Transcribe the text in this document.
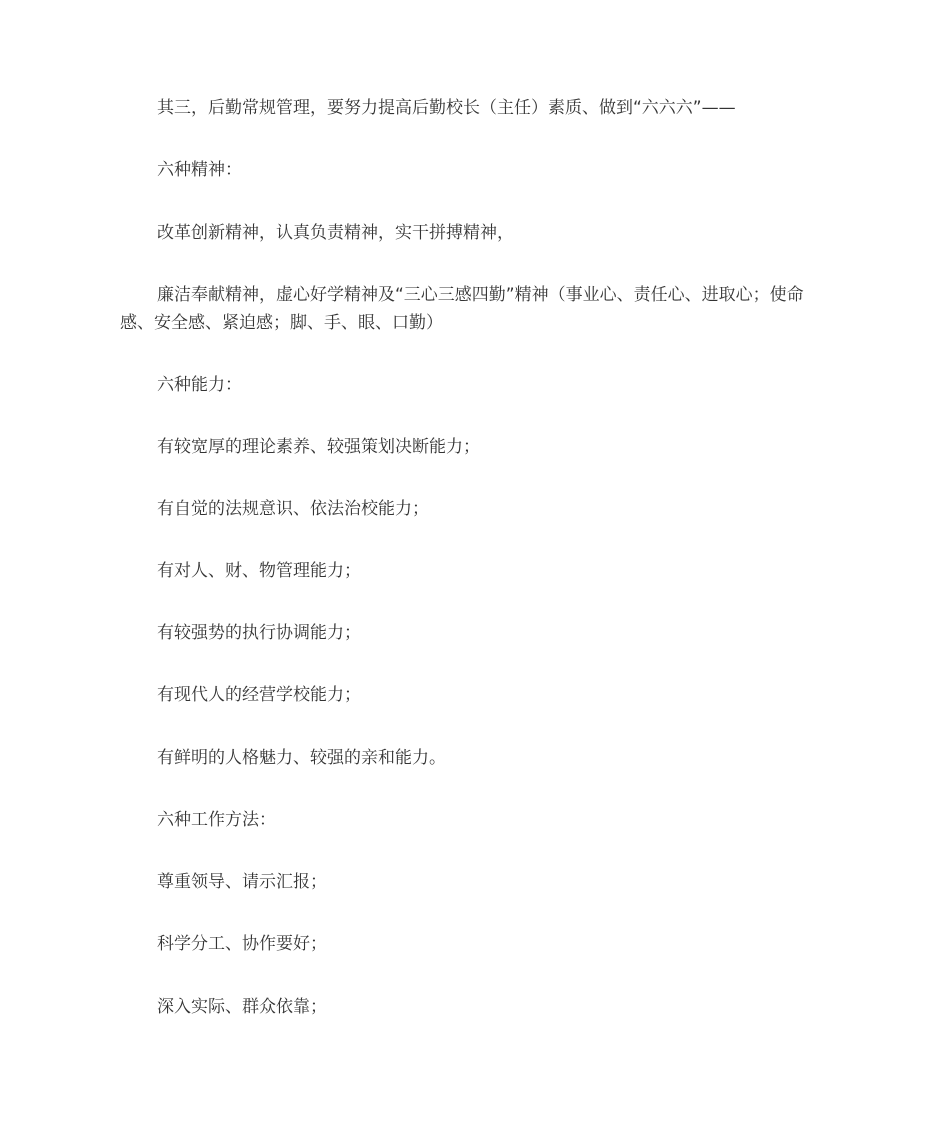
其三，后勤常规管理，要努力提高后勤校长（主任）素质、做到“六六六”——

六种精神：

改革创新精神，认真负责精神，实干拼搏精神，

廉洁奉献精神，虚心好学精神及“三心三感四勤”精神（事业心、责任心、进取心；使命感、安全感、紧迫感；脚、手、眼、口勤）

六种能力：

有较宽厚的理论素养、较强策划决断能力；

有自觉的法规意识、依法治校能力；

有对人、财、物管理能力；

有较强势的执行协调能力；

有现代人的经营学校能力；

有鲜明的人格魅力、较强的亲和能力。

六种工作方法：

尊重领导、请示汇报；

科学分工、协作要好；

深入实际、群众依靠；
